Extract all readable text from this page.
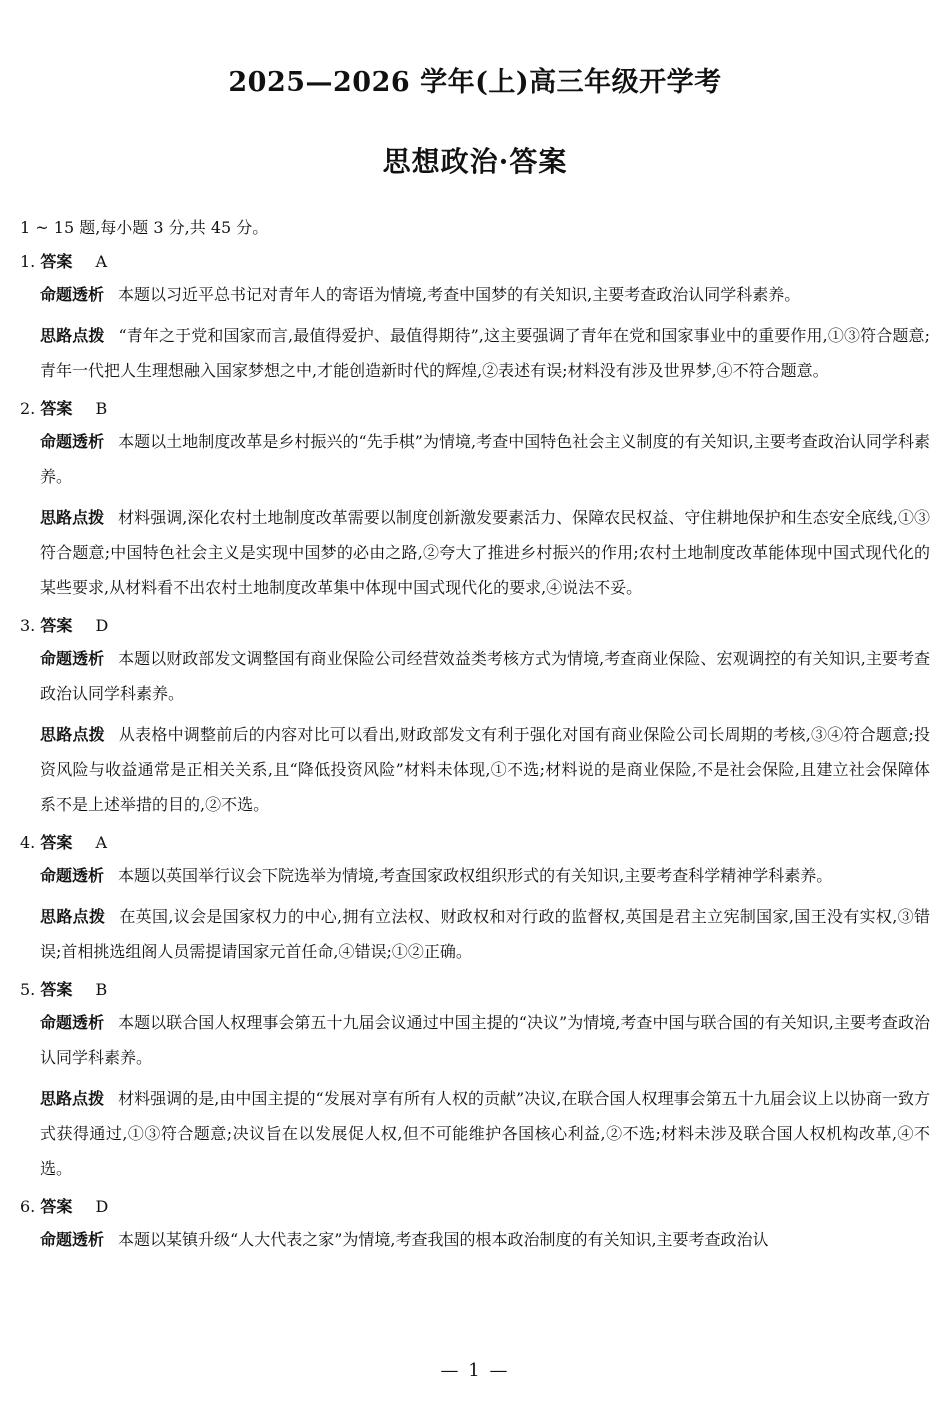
2025—2026 学年(上)高三年级开学考
思想政治·答案
1 ~ 15 题,每小题 3 分,共 45 分。
1. 答案 A
命题透析 本题以习近平总书记对青年人的寄语为情境,考查中国梦的有关知识,主要考查政治认同学科素养。
思路点拨 “青年之于党和国家而言,最值得爱护、最值得期待”,这主要强调了青年在党和国家事业中的重要作用,①③符合题意;青年一代把人生理想融入国家梦想之中,才能创造新时代的辉煌,②表述有误;材料没有涉及世界梦,④不符合题意。
2. 答案 B
命题透析 本题以土地制度改革是乡村振兴的“先手棋”为情境,考查中国特色社会主义制度的有关知识,主要考查政治认同学科素养。
思路点拨 材料强调,深化农村土地制度改革需要以制度创新激发要素活力、保障农民权益、守住耕地保护和生态安全底线,①③符合题意;中国特色社会主义是实现中国梦的必由之路,②夸大了推进乡村振兴的作用;农村土地制度改革能体现中国式现代化的某些要求,从材料看不出农村土地制度改革集中体现中国式现代化的要求,④说法不妥。
3. 答案 D
命题透析 本题以财政部发文调整国有商业保险公司经营效益类考核方式为情境,考查商业保险、宏观调控的有关知识,主要考查政治认同学科素养。
思路点拨 从表格中调整前后的内容对比可以看出,财政部发文有利于强化对国有商业保险公司长周期的考核,③④符合题意;投资风险与收益通常是正相关关系,且“降低投资风险”材料未体现,①不选;材料说的是商业保险,不是社会保险,且建立社会保障体系不是上述举措的目的,②不选。
4. 答案 A
命题透析 本题以英国举行议会下院选举为情境,考查国家政权组织形式的有关知识,主要考查科学精神学科素养。
思路点拨 在英国,议会是国家权力的中心,拥有立法权、财政权和对行政的监督权,英国是君主立宪制国家,国王没有实权,③错误;首相挑选组阁人员需提请国家元首任命,④错误;①②正确。
5. 答案 B
命题透析 本题以联合国人权理事会第五十九届会议通过中国主提的“决议”为情境,考查中国与联合国的有关知识,主要考查政治认同学科素养。
思路点拨 材料强调的是,由中国主提的“发展对享有所有人权的贡献”决议,在联合国人权理事会第五十九届会议上以协商一致方式获得通过,①③符合题意;决议旨在以发展促人权,但不可能维护各国核心利益,②不选;材料未涉及联合国人权机构改革,④不选。
6. 答案 D
命题透析 本题以某镇升级“人大代表之家”为情境,考查我国的根本政治制度的有关知识,主要考查政治认
— 1 —
